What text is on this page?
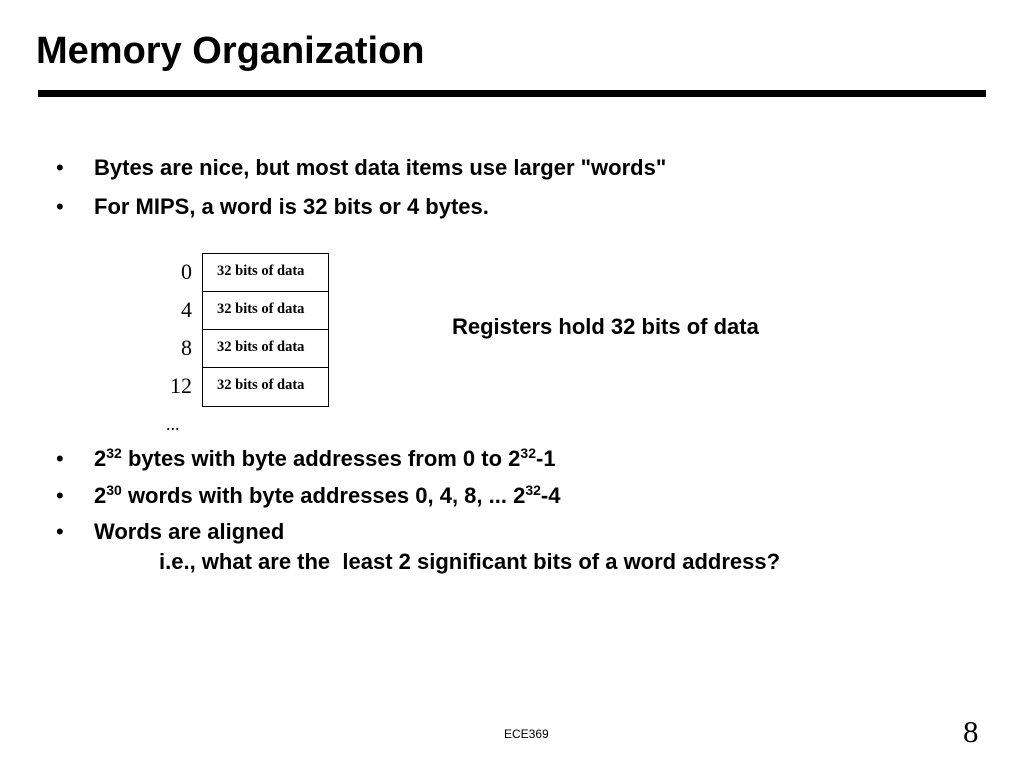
Memory Organization
• Bytes are nice, but most data items use larger "words"
• For MIPS, a word is 32 bits or 4 bytes.
0
4
8
12
32 bits of data
32 bits of data
32 bits of data
32 bits of data
...
Registers hold 32 bits of data
• $2^{32}$ bytes with byte addresses from 0 to $2^{32}-1$
• $2^{30}$ words with byte addresses 0, 4, 8, ... $2^{32}-4$
• Words are aligned
i.e., what are the  least 2 significant bits of a word address?
ECE369	8
